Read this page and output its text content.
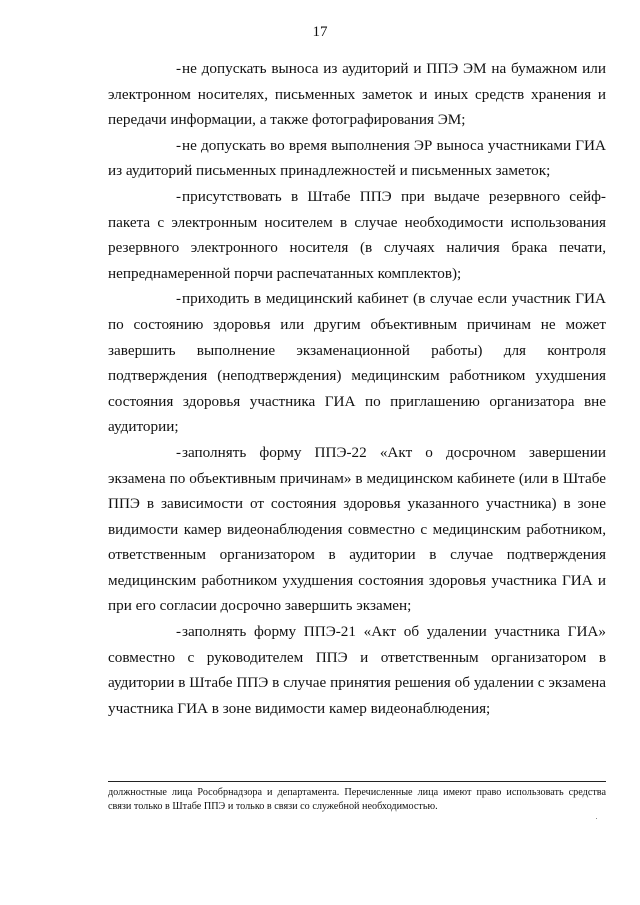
17

-не допускать выноса из аудиторий и ППЭ ЭМ на бумажном или электронном носителях, письменных заметок и иных средств хранения и передачи информации, а также фотографирования ЭМ;

-не допускать во время выполнения ЭР выноса участниками ГИА из аудиторий письменных принадлежностей и письменных заметок;

-присутствовать в Штабе ППЭ при выдаче резервного сейф-пакета с электронным носителем в случае необходимости использования резервного электронного носителя (в случаях наличия брака печати, непреднамеренной порчи распечатанных комплектов);

-приходить в медицинский кабинет (в случае если участник ГИА по состоянию здоровья или другим объективным причинам не может завершить выполнение экзаменационной работы) для контроля подтверждения (неподтверждения) медицинским работником ухудшения состояния здоровья участника ГИА по приглашению организатора вне аудитории;

-заполнять форму ППЭ-22 «Акт о досрочном завершении экзамена по объективным причинам» в медицинском кабинете (или в Штабе ППЭ в зависимости от состояния здоровья указанного участника) в зоне видимости камер видеонаблюдения совместно с медицинским работником, ответственным организатором в аудитории в случае подтверждения медицинским работником ухудшения состояния здоровья участника ГИА и при его согласии досрочно завершить экзамен;

-заполнять форму ППЭ-21 «Акт об удалении участника ГИА» совместно с руководителем ППЭ и ответственным организатором в аудитории в Штабе ППЭ в случае принятия решения об удалении с экзамена участника ГИА в зоне видимости камер видеонаблюдения;

должностные лица Рособрнадзора и департамента. Перечисленные лица имеют право использовать средства связи только в Штабе ППЭ и только в связи со служебной необходимостью.
